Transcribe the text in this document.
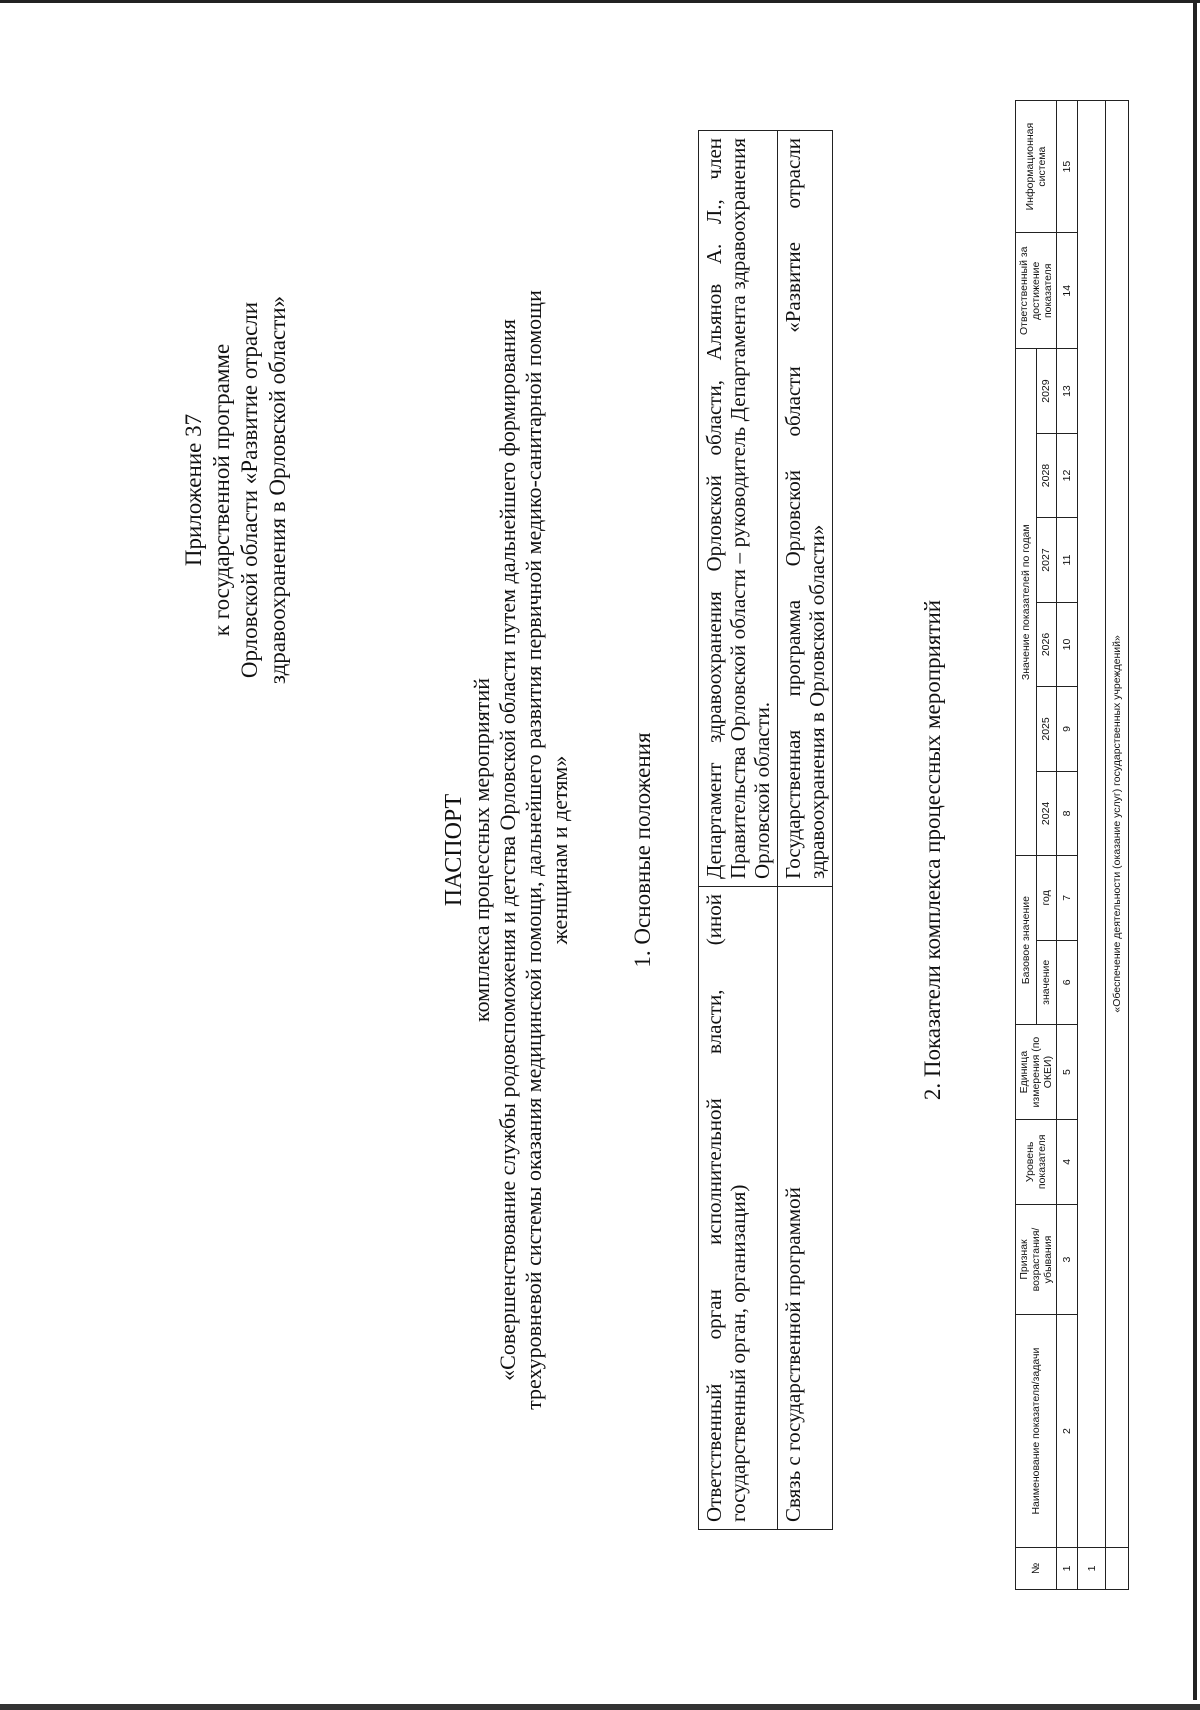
Приложение 37 к государственной программе Орловской области «Развитие отрасли здравоохранения в Орловской области»
ПАСПОРТ комплекса процессных мероприятий «Совершенствование службы родовспоможения и детства Орловской области путем дальнейшего формирования трехуровневой системы оказания медицинской помощи, дальнейшего развития первичной медико-санитарной помощи женщинам и детям»	1. Основные положения
Ответственный орган исполнительной власти, (иной государственный орган, организация)	Департамент здравоохранения Орловской области, Альянов А. Л., член Правительства Орловской области – руководитель Департамента здравоохранения Орловской области.
Связь с государственной программой	Государственная программа Орловской области «Развитие отрасли здравоохранения в Орловской области»	2. Показатели комплекса процессных мероприятий
№	Наименование показателя/задачи	Признак возрастания/ убывания	Уровень показателя	Единица измерения (по ОКЕИ)	Базовое значение		Значение показателей по годам						Ответственный за достижение показателя	Информационная система
					значение	год	2024	2025	2026	2027	2028	2029		
1	2	3	4	5	6	7	8	9	10	11	12	13	14	15
1														
	«Обеспечение деятельности (оказание услуг) государственных учреждений»													
